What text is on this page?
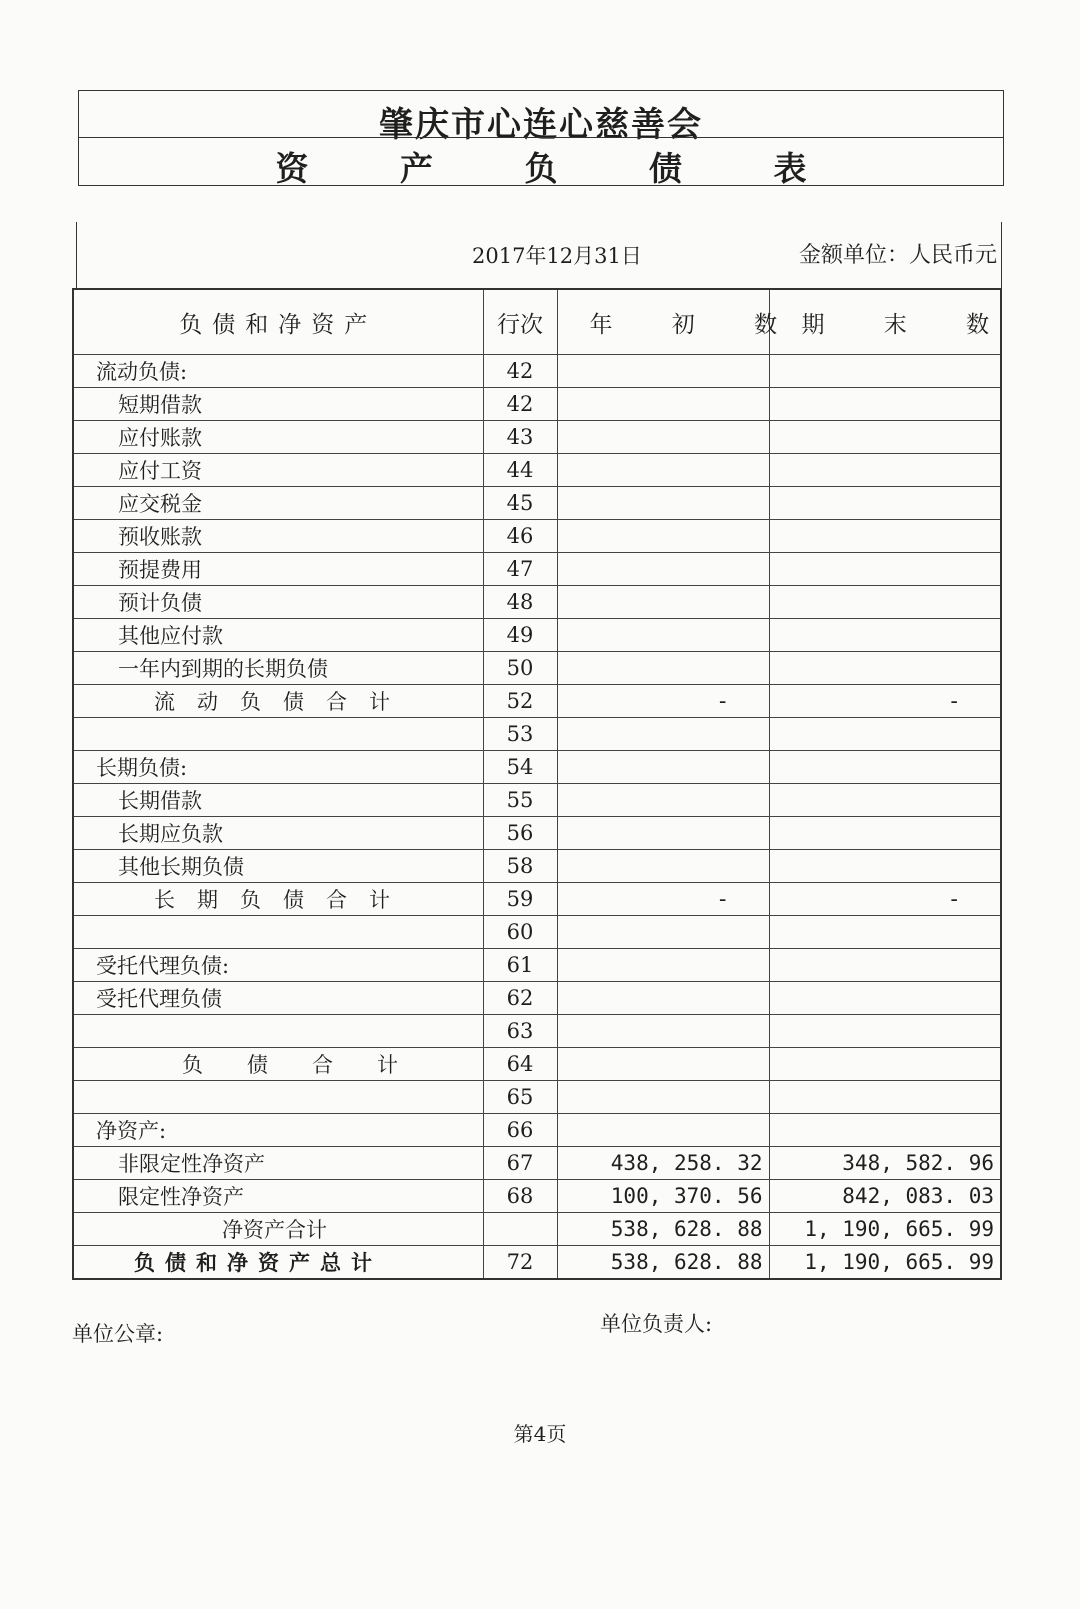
肇庆市心连心慈善会
资 产 负 债 表
2017年12月31日	金额单位：人民币元
负债和净资产	行次	年 初 数	期 末 数
流动负债:	42		
短期借款	42		
应付账款	43		
应付工资	44		
应交税金	45		
预收账款	46		
预提费用	47		
预计负债	48		
其他应付款	49		
一年内到期的长期负债	50		
流动负债合计	52	-	-
	53		
长期负债:	54		
长期借款	55		
长期应负款	56		
其他长期负债	58		
长期负债合计	59	-	-
	60		
受托代理负债:	61		
受托代理负债	62		
	63		
负债合计	64		
	65		
净资产:	66		
非限定性净资产	67	438, 258. 32	348, 582. 96
限定性净资产	68	100, 370. 56	842, 083. 03
净资产合计		538, 628. 88	1, 190, 665. 99
负债和净资产总计	72	538, 628. 88	1, 190, 665. 99
单位公章:	单位负责人:
第4页
